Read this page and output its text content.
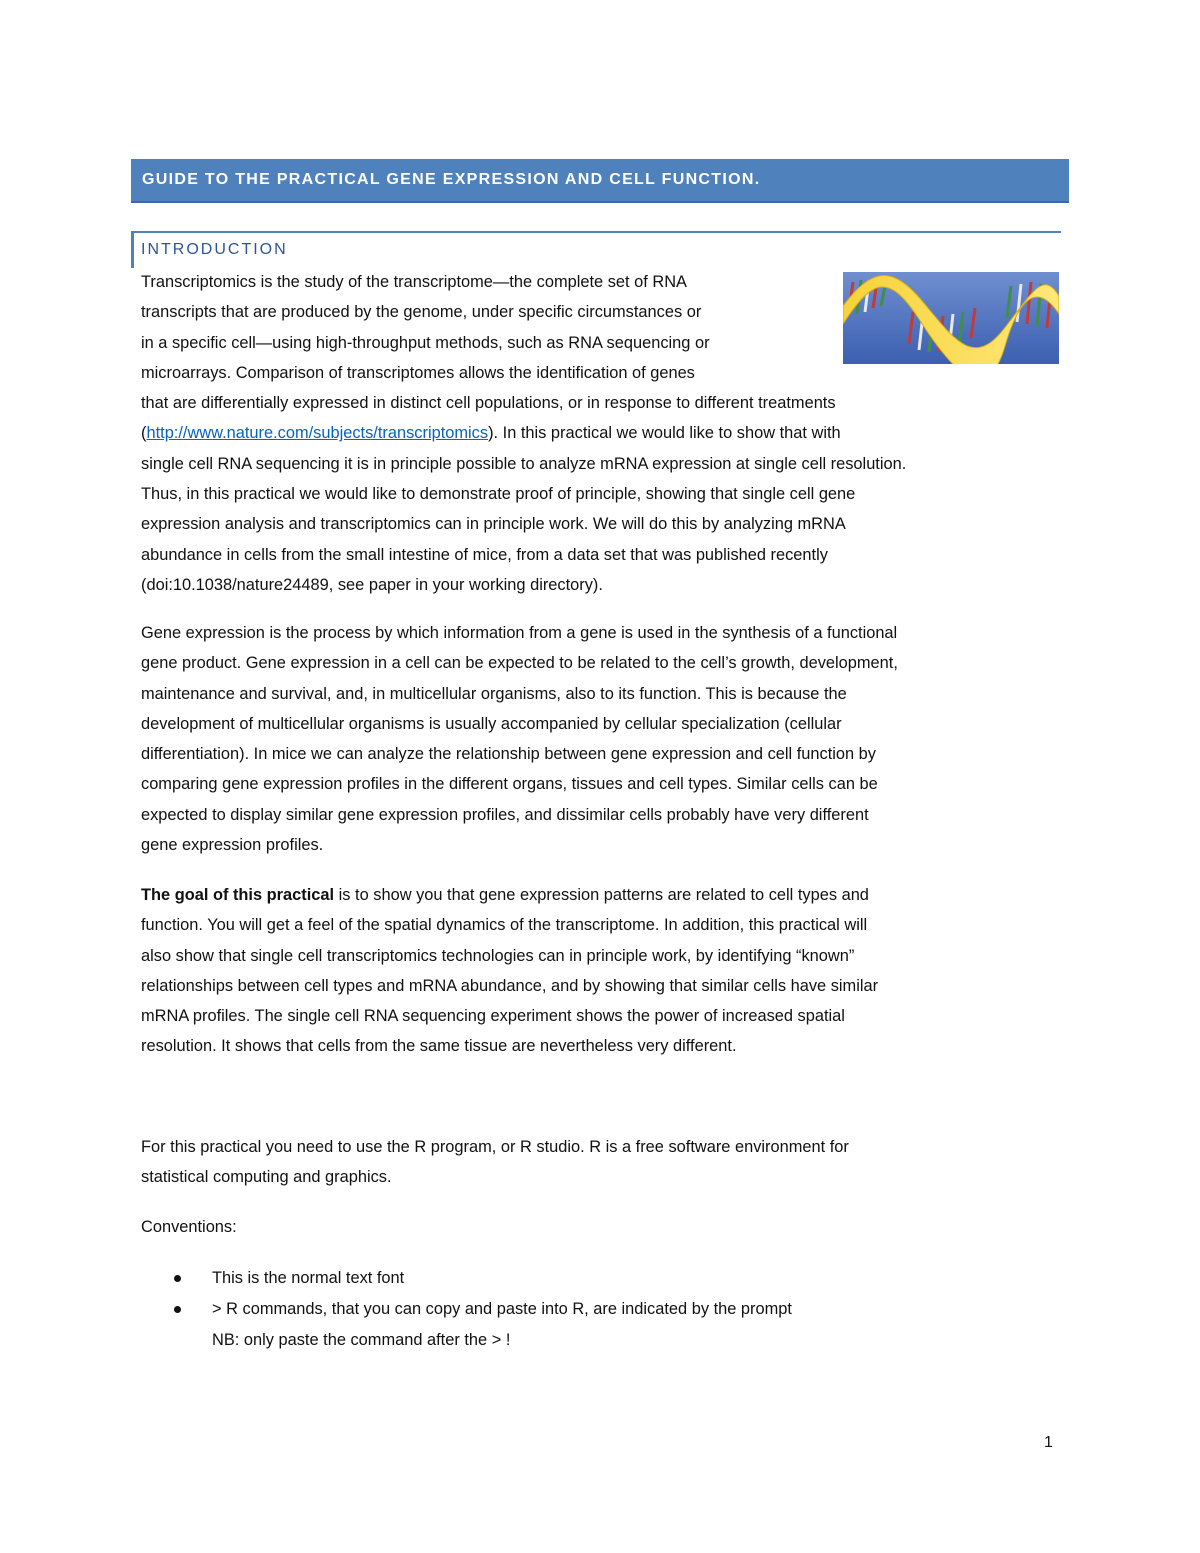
GUIDE TO THE PRACTICAL GENE EXPRESSION AND CELL FUNCTION.
INTRODUCTION
Transcriptomics is the study of the transcriptome—the complete set of RNA
transcripts that are produced by the genome, under specific circumstances or
in a specific cell—using high-throughput methods, such as RNA sequencing or
microarrays. Comparison of transcriptomes allows the identification of genes
that are differentially expressed in distinct cell populations, or in response to different treatments
(http://www.nature.com/subjects/transcriptomics). In this practical we would like to show that with
single cell RNA sequencing it is in principle possible to analyze mRNA expression at single cell resolution.
Thus, in this practical we would like to demonstrate proof of principle, showing that single cell gene
expression analysis and transcriptomics can in principle work. We will do this by analyzing mRNA
abundance in cells from the small intestine of mice, from a data set that was published recently
(doi:10.1038/nature24489, see paper in your working directory).
Gene expression is the process by which information from a gene is used in the synthesis of a functional
gene product. Gene expression in a cell can be expected to be related to the cell’s growth, development,
maintenance and survival, and, in multicellular organisms, also to its function. This is because the
development of multicellular organisms is usually accompanied by cellular specialization (cellular
differentiation). In mice we can analyze the relationship between gene expression and cell function by
comparing gene expression profiles in the different organs, tissues and cell types. Similar cells can be
expected to display similar gene expression profiles, and dissimilar cells probably have very different
gene expression profiles.
The goal of this practical is to show you that gene expression patterns are related to cell types and
function. You will get a feel of the spatial dynamics of the transcriptome. In addition, this practical will
also show that single cell transcriptomics technologies can in principle work, by identifying “known”
relationships between cell types and mRNA abundance, and by showing that similar cells have similar
mRNA profiles. The single cell RNA sequencing experiment shows the power of increased spatial
resolution. It shows that cells from the same tissue are nevertheless very different.
For this practical you need to use the R program, or R studio. R is a free software environment for
statistical computing and graphics.
Conventions:
This is the normal text font
> R commands, that you can copy and paste into R, are indicated by the prompt
NB: only paste the command after the > !
1
